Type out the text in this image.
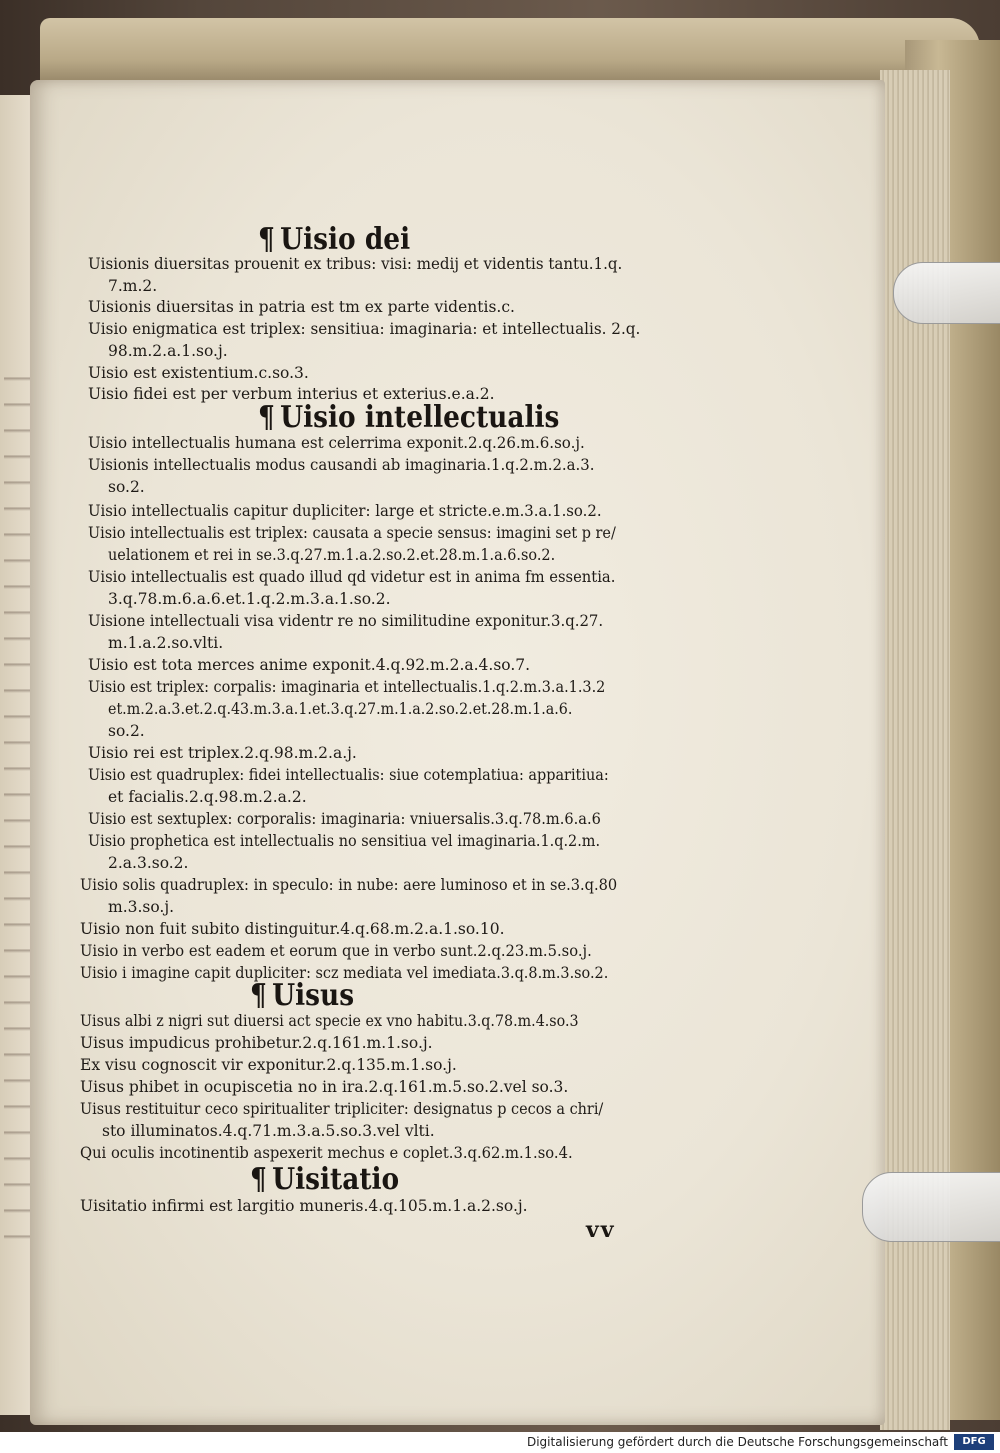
¶ Uisio dei
Uisionis diuersitas prouenit ex tribus: visi: medij et videntis tantu.1.q.
7.m.2.
Uisionis diuersitas in patria est tm ex parte videntis.c.
Uisio enigmatica est triplex: sensitiua: imaginaria: et intellectualis. 2.q.
98.m.2.a.1.so.j.
Uisio est existentium.c.so.3.
Uisio fidei est per verbum interius et exterius.e.a.2.
¶ Uisio intellectualis
Uisio intellectualis humana est celerrima exponit.2.q.26.m.6.so.j.
Uisionis intellectualis modus causandi ab imaginaria.1.q.2.m.2.a.3.
so.2.
Uisio intellectualis capitur dupliciter: large et stricte.e.m.3.a.1.so.2.
Uisio intellectualis est triplex: causata a specie sensus: imagini set p re/
uelationem et rei in se.3.q.27.m.1.a.2.so.2.et.28.m.1.a.6.so.2.
Uisio intellectualis est quado illud qd videtur est in anima fm essentia.
3.q.78.m.6.a.6.et.1.q.2.m.3.a.1.so.2.
Uisione intellectuali visa videntr re no similitudine exponitur.3.q.27.
m.1.a.2.so.vlti.
Uisio est tota merces anime exponit.4.q.92.m.2.a.4.so.7.
Uisio est triplex: corpalis: imaginaria et intellectualis.1.q.2.m.3.a.1.3.2
et.m.2.a.3.et.2.q.43.m.3.a.1.et.3.q.27.m.1.a.2.so.2.et.28.m.1.a.6.
so.2.
Uisio rei est triplex.2.q.98.m.2.a.j.
Uisio est quadruplex: fidei intellectualis: siue cotemplatiua: apparitiua:
et facialis.2.q.98.m.2.a.2.
Uisio est sextuplex: corporalis: imaginaria: vniuersalis.3.q.78.m.6.a.6
Uisio prophetica est intellectualis no sensitiua vel imaginaria.1.q.2.m.
2.a.3.so.2.
Uisio solis quadruplex: in speculo: in nube: aere luminoso et in se.3.q.80
m.3.so.j.
Uisio non fuit subito distinguitur.4.q.68.m.2.a.1.so.10.
Uisio in verbo est eadem et eorum que in verbo sunt.2.q.23.m.5.so.j.
Uisio i imagine capit dupliciter: scz mediata vel imediata.3.q.8.m.3.so.2.
¶ Uisus
Uisus albi z nigri sut diuersi act specie ex vno habitu.3.q.78.m.4.so.3
Uisus impudicus prohibetur.2.q.161.m.1.so.j.
Ex visu cognoscit vir exponitur.2.q.135.m.1.so.j.
Uisus phibet in ocupiscetia no in ira.2.q.161.m.5.so.2.vel so.3.
Uisus restituitur ceco spiritualiter tripliciter: designatus p cecos a chri/
sto illuminatos.4.q.71.m.3.a.5.so.3.vel vlti.
Qui oculis incotinentib aspexerit mechus e coplet.3.q.62.m.1.so.4.
¶ Uisitatio
Uisitatio infirmi est largitio muneris.4.q.105.m.1.a.2.so.j.
vv
Digitalisierung gefördert durch die Deutsche Forschungsgemeinschaft	DFG
